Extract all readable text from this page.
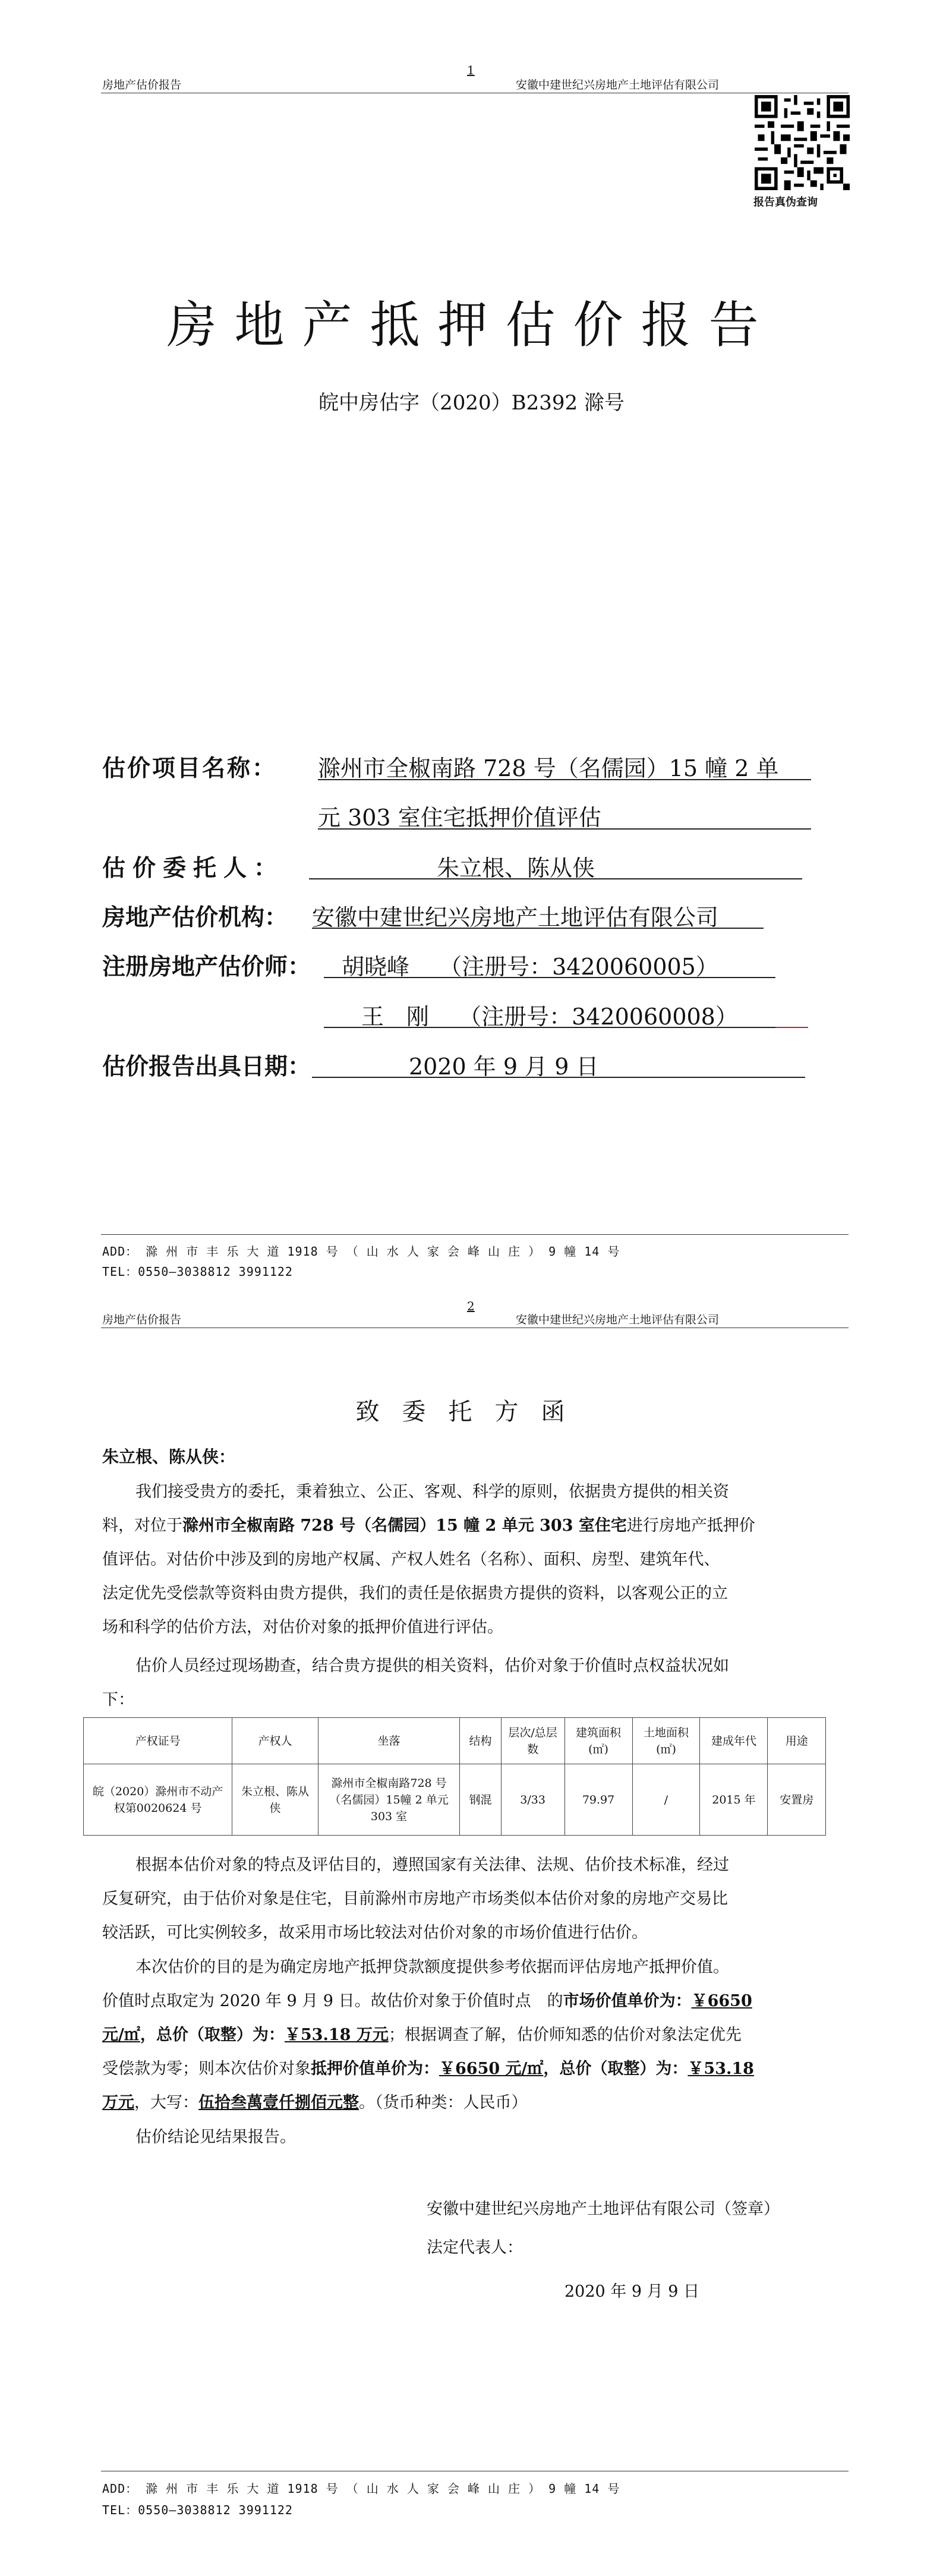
房地产估价报告
1
安徽中建世纪兴房地产土地评估有限公司
报告真伪查询
房地产抵押估价报告
皖中房估字（2020）B2392 滁号
估价项目名称： 滁州市全椒南路 728 号（名儒园）15 幢 2 单
元 303 室住宅抵押价值评估
估价委托人：	朱立根、陈从侠
房地产估价机构： 安徽中建世纪兴房地产土地评估有限公司
注册房地产估价师： 胡晓峰　 （注册号：3420060005）
王　刚　 （注册号：3420060008）
估价报告出具日期：	2020 年 9 月 9 日
ADD： 滁 州 市 丰 乐 大 道 1918 号 （ 山 水 人 家 会 峰 山 庄 ） 9 幢 14 号
TEL：0550—3038812 3991122
房地产估价报告
2
安徽中建世纪兴房地产土地评估有限公司
致委托方函
朱立根、陈从侠：
我们接受贵方的委托，秉着独立、公正、客观、科学的原则，依据贵方提供的相关资
料，对位于滁州市全椒南路 728 号（名儒园）15 幢 2 单元 303 室住宅进行房地产抵押价
值评估。对估价中涉及到的房地产权属、产权人姓名（名称）、面积、房型、建筑年代、
法定优先受偿款等资料由贵方提供，我们的责任是依据贵方提供的资料，以客观公正的立
场和科学的估价方法，对估价对象的抵押价值进行评估。
估价人员经过现场勘查，结合贵方提供的相关资料，估价对象于价值时点权益状况如
下：
产权证号	产权人	坐落	结构	层次/总层数	建筑面积(㎡)	土地面积(㎡)	建成年代	用途
皖（2020）滁州市不动产权第0020624 号	朱立根、陈从侠	滁州市全椒南路728 号（名儒园）15幢 2 单元 303 室	钢混	3/33	79.97	/	2015 年	安置房
根据本估价对象的特点及评估目的，遵照国家有关法律、法规、估价技术标准，经过
反复研究，由于估价对象是住宅，目前滁州市房地产市场类似本估价对象的房地产交易比
较活跃，可比实例较多，故采用市场比较法对估价对象的市场价值进行估价。
本次估价的目的是为确定房地产抵押贷款额度提供参考依据而评估房地产抵押价值。
价值时点取定为 2020 年 9 月 9 日。故估价对象于价值时点　的市场价值单价为：￥6650
元/㎡，总价（取整）为：￥53.18 万元；根据调查了解，估价师知悉的估价对象法定优先
受偿款为零；则本次估价对象抵押价值单价为：￥6650 元/㎡，总价（取整）为：￥53.18
万元，大写：伍拾叁萬壹仟捌佰元整。（货币种类：人民币）
估价结论见结果报告。
安徽中建世纪兴房地产土地评估有限公司（签章）
法定代表人：
2020 年 9 月 9 日
ADD： 滁 州 市 丰 乐 大 道 1918 号 （ 山 水 人 家 会 峰 山 庄 ） 9 幢 14 号
TEL：0550—3038812 3991122
